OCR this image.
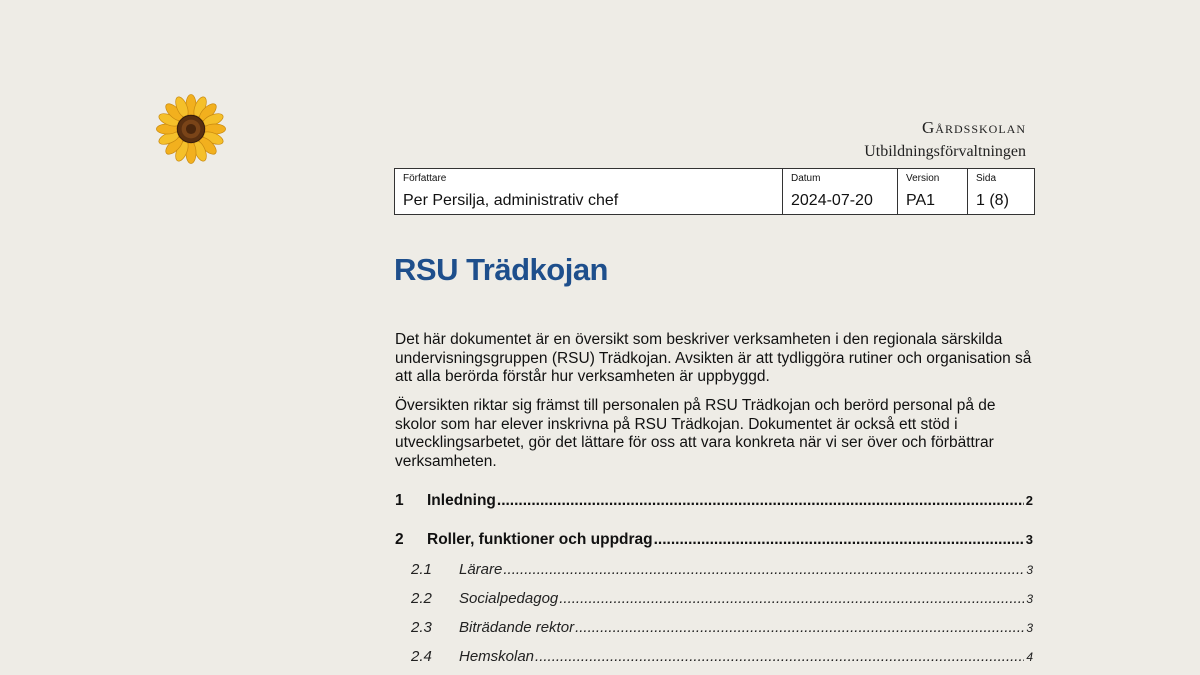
Gårdsskolan
Utbildningsförvaltningen
Författare	Datum	Version	Sida
Per Persilja, administrativ chef	2024-07-20	PA1	1 (8)
RSU Trädkojan

Det här dokumentet är en översikt som beskriver verksamheten i den regionala särskilda undervisningsgruppen (RSU) Trädkojan. Avsikten är att tydliggöra rutiner och organisation så att alla berörda förstår hur verksamheten är uppbyggd.

Översikten riktar sig främst till personalen på RSU Trädkojan och berörd personal på de skolor som har elever inskrivna på RSU Trädkojan. Dokumentet är också ett stöd i utvecklingsarbetet, gör det lättare för oss att vara konkreta när vi ser över och förbättrar verksamheten.

1	Inledning .....	2
2	Roller, funktioner och uppdrag .....	3
2.1	Lärare .....	3
2.2	Socialpedagog .....	3
2.3	Biträdande rektor .....	3
2.4	Hemskolan .....	4
